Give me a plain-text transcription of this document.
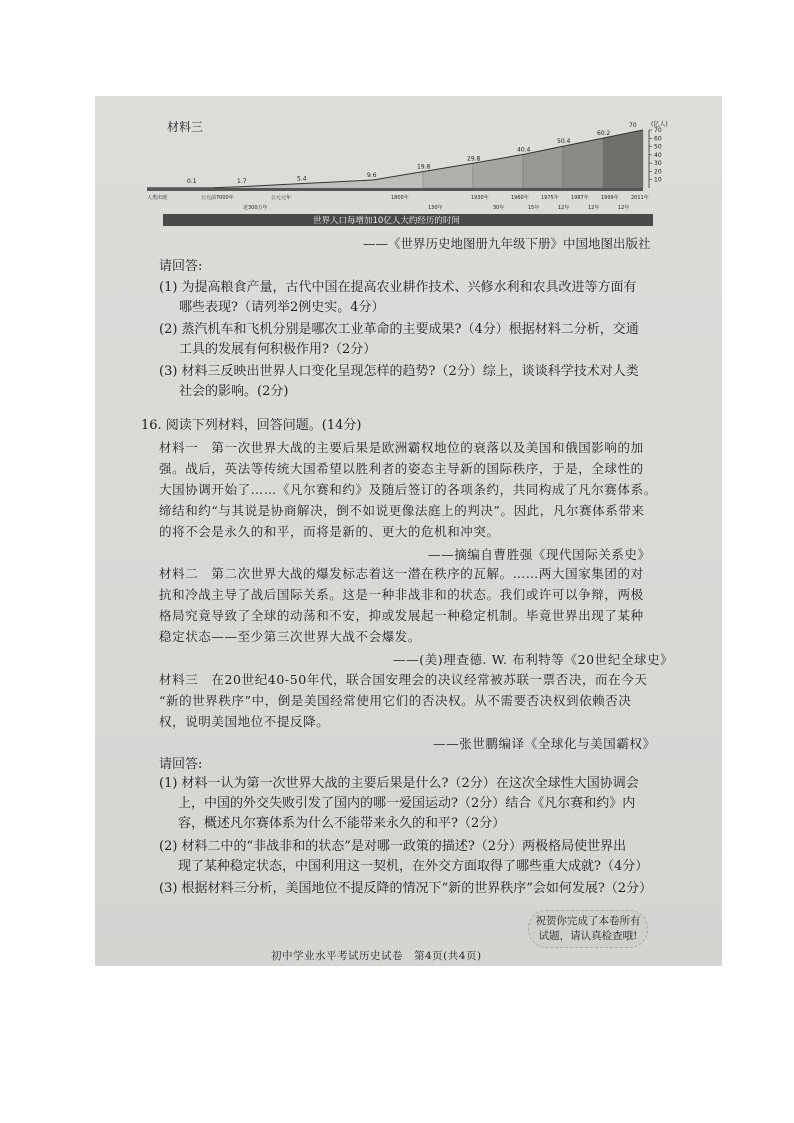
材料三	70
60
50
40
30
20
10
(亿人)
0.1	1.7	5.4	9.6
19.8
29.8
40.4
50.4
60.2
70
人类出现	公元前7000年	公元元年	1800年	1930年	1960年 1975年 1987年 1999年 2011年
近300万年	130年	30年	15年	12年	12年	12年
世界人口每增加10亿人大约经历的时间
——《世界历史地图册九年级下册》中国地图出版社
请回答:
(1) 为提高粮食产量，古代中国在提高农业耕作技术、兴修水利和农具改进等方面有
哪些表现?（请列举2例史实。4分）
(2) 蒸汽机车和飞机分别是哪次工业革命的主要成果?（4分）根据材料二分析，交通
工具的发展有何积极作用?（2分）
(3) 材料三反映出世界人口变化呈现怎样的趋势?（2分）综上，谈谈科学技术对人类
社会的影响。(2分)
16. 阅读下列材料，回答问题。(14分)
材料一　第一次世界大战的主要后果是欧洲霸权地位的衰落以及美国和俄国影响的加
强。战后，英法等传统大国希望以胜利者的姿态主导新的国际秩序，于是，全球性的
大国协调开始了……《凡尔赛和约》及随后签订的各项条约，共同构成了凡尔赛体系。
缔结和约“与其说是协商解决，倒不如说更像法庭上的判决”。因此，凡尔赛体系带来
的将不会是永久的和平，而将是新的、更大的危机和冲突。
——摘编自曹胜强《现代国际关系史》
材料二　第二次世界大战的爆发标志着这一潜在秩序的瓦解。……两大国家集团的对
抗和冷战主导了战后国际关系。这是一种非战非和的状态。我们或许可以争辩，两极
格局究竟导致了全球的动荡和不安，抑或发展起一种稳定机制。毕竟世界出现了某种
稳定状态——至少第三次世界大战不会爆发。
——(美)理查德. W. 布利特等《20世纪全球史》
材料三　在20世纪40-50年代，联合国安理会的决议经常被苏联一票否决，而在今天
“新的世界秩序”中，倒是美国经常使用它们的否决权。从不需要否决权到依赖否决
权，说明美国地位不提反降。
——张世鹏编译《全球化与美国霸权》
请回答:
(1) 材料一认为第一次世界大战的主要后果是什么?（2分）在这次全球性大国协调会
上，中国的外交失败引发了国内的哪一爱国运动?（2分）结合《凡尔赛和约》内
容，概述凡尔赛体系为什么不能带来永久的和平?（2分）
(2) 材料二中的“非战非和的状态”是对哪一政策的描述?（2分）两极格局使世界出
现了某种稳定状态，中国利用这一契机，在外交方面取得了哪些重大成就?（4分）
(3) 根据材料三分析，美国地位不提反降的情况下“新的世界秩序”会如何发展?（2分）
祝贺你完成了本卷所有
试题，请认真检查哦!
初中学业水平考试历史试卷　第4页(共4页)
